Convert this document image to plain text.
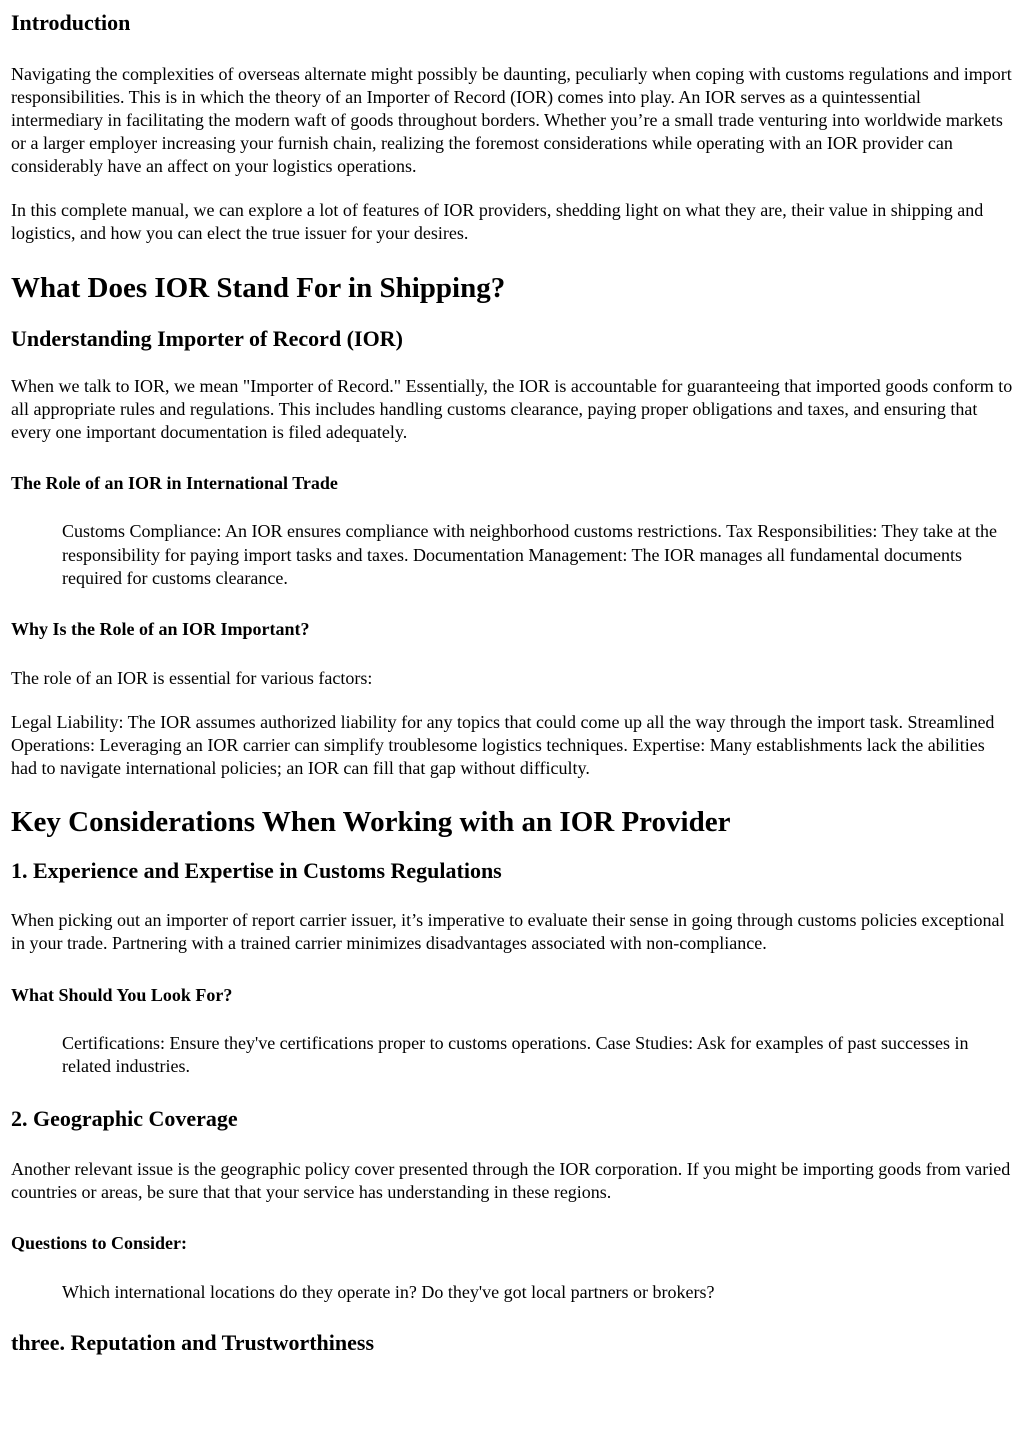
Introduction

Navigating the complexities of overseas alternate might possibly be daunting, peculiarly when coping with customs regulations and import responsibilities. This is in which the theory of an Importer of Record (IOR) comes into play. An IOR serves as a quintessential intermediary in facilitating the modern waft of goods throughout borders. Whether you’re a small trade venturing into worldwide markets or a larger employer increasing your furnish chain, realizing the foremost considerations while operating with an IOR provider can considerably have an affect on your logistics operations.

In this complete manual, we can explore a lot of features of IOR providers, shedding light on what they are, their value in shipping and logistics, and how you can elect the true issuer for your desires.

What Does IOR Stand For in Shipping?
Understanding Importer of Record (IOR)

When we talk to IOR, we mean "Importer of Record." Essentially, the IOR is accountable for guaranteeing that imported goods conform to all appropriate rules and regulations. This includes handling customs clearance, paying proper obligations and taxes, and ensuring that every one important documentation is filed adequately.

The Role of an IOR in International Trade
Customs Compliance: An IOR ensures compliance with neighborhood customs restrictions. Tax Responsibilities: They take at the responsibility for paying import tasks and taxes. Documentation Management: The IOR manages all fundamental documents required for customs clearance.
Why Is the Role of an IOR Important?

The role of an IOR is essential for various factors:

Legal Liability: The IOR assumes authorized liability for any topics that could come up all the way through the import task. Streamlined Operations: Leveraging an IOR carrier can simplify troublesome logistics techniques. Expertise: Many establishments lack the abilities had to navigate international policies; an IOR can fill that gap without difficulty.

Key Considerations When Working with an IOR Provider
1. Experience and Expertise in Customs Regulations

When picking out an importer of report carrier issuer, it’s imperative to evaluate their sense in going through customs policies exceptional in your trade. Partnering with a trained carrier minimizes disadvantages associated with non-compliance.

What Should You Look For?
Certifications: Ensure they've certifications proper to customs operations. Case Studies: Ask for examples of past successes in related industries.
2. Geographic Coverage

Another relevant issue is the geographic policy cover presented through the IOR corporation. If you might be importing goods from varied countries or areas, be sure that that your service has understanding in these regions.

Questions to Consider:
Which international locations do they operate in? Do they've got local partners or brokers?
three. Reputation and Trustworthiness
